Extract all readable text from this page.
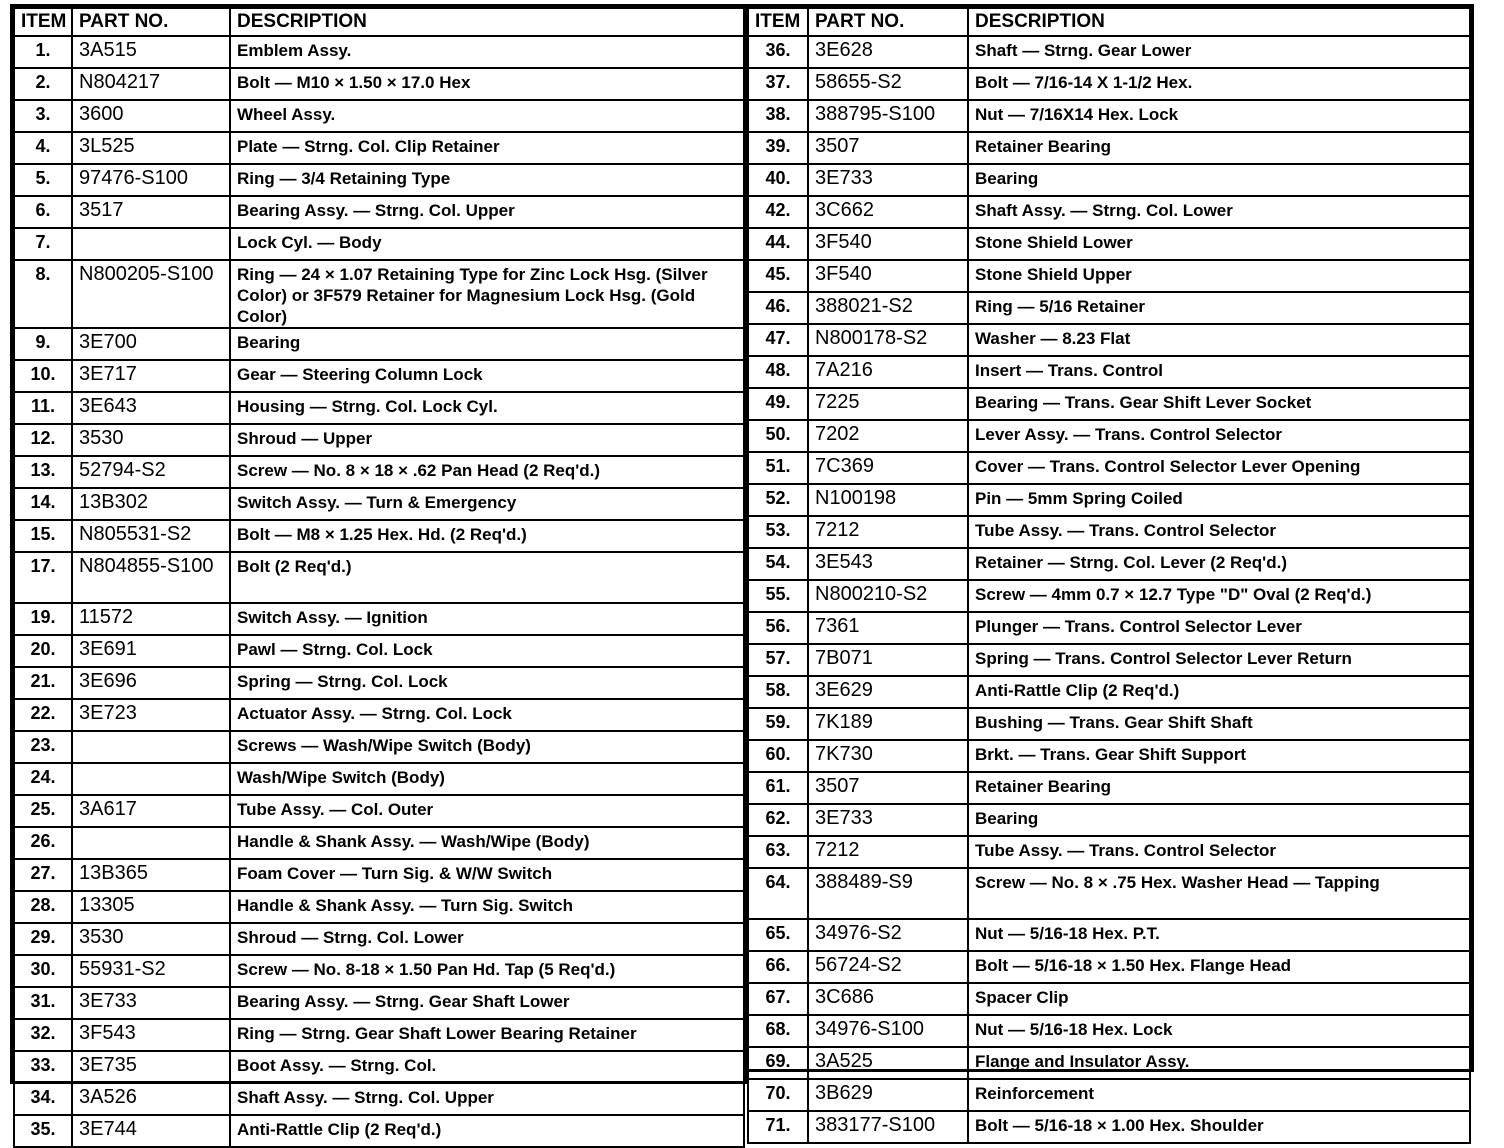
ITEM	PART NO.	DESCRIPTION
1.	3A515	Emblem Assy.
2.	N804217	Bolt — M10 × 1.50 × 17.0 Hex
3.	3600	Wheel Assy.
4.	3L525	Plate — Strng. Col. Clip Retainer
5.	97476-S100	Ring — 3/4 Retaining Type
6.	3517	Bearing Assy. — Strng. Col. Upper
7.		Lock Cyl. — Body
8.	N800205-S100	Ring — 24 × 1.07 Retaining Type for Zinc Lock Hsg. (Silver Color) or 3F579 Retainer for Magnesium Lock Hsg. (Gold Color)
9.	3E700	Bearing
10.	3E717	Gear — Steering Column Lock
11.	3E643	Housing — Strng. Col. Lock Cyl.
12.	3530	Shroud — Upper
13.	52794-S2	Screw — No. 8 × 18 × .62 Pan Head (2 Req'd.)
14.	13B302	Switch Assy. — Turn & Emergency
15.	N805531-S2	Bolt — M8 × 1.25 Hex. Hd. (2 Req'd.)
17.	N804855-S100	Bolt (2 Req'd.)
19.	11572	Switch Assy. — Ignition
20.	3E691	Pawl — Strng. Col. Lock
21.	3E696	Spring — Strng. Col. Lock
22.	3E723	Actuator Assy. — Strng. Col. Lock
23.		Screws — Wash/Wipe Switch (Body)
24.		Wash/Wipe Switch (Body)
25.	3A617	Tube Assy. — Col. Outer
26.		Handle & Shank Assy. — Wash/Wipe (Body)
27.	13B365	Foam Cover — Turn Sig. & W/W Switch
28.	13305	Handle & Shank Assy. — Turn Sig. Switch
29.	3530	Shroud — Strng. Col. Lower
30.	55931-S2	Screw — No. 8-18 × 1.50 Pan Hd. Tap (5 Req'd.)
31.	3E733	Bearing Assy. — Strng. Gear Shaft Lower
32.	3F543	Ring — Strng. Gear Shaft Lower Bearing Retainer
33.	3E735	Boot Assy. — Strng. Col.
34.	3A526	Shaft Assy. — Strng. Col. Upper
35.	3E744	Anti-Rattle Clip (2 Req'd.)
ITEM	PART NO.	DESCRIPTION
36.	3E628	Shaft — Strng. Gear Lower
37.	58655-S2	Bolt — 7/16-14 X 1-1/2 Hex.
38.	388795-S100	Nut — 7/16X14 Hex. Lock
39.	3507	Retainer Bearing
40.	3E733	Bearing
42.	3C662	Shaft Assy. — Strng. Col. Lower
44.	3F540	Stone Shield Lower
45.	3F540	Stone Shield Upper
46.	388021-S2	Ring — 5/16 Retainer
47.	N800178-S2	Washer — 8.23 Flat
48.	7A216	Insert — Trans. Control
49.	7225	Bearing — Trans. Gear Shift Lever Socket
50.	7202	Lever Assy. — Trans. Control Selector
51.	7C369	Cover — Trans. Control Selector Lever Opening
52.	N100198	Pin — 5mm Spring Coiled
53.	7212	Tube Assy. — Trans. Control Selector
54.	3E543	Retainer — Strng. Col. Lever (2 Req'd.)
55.	N800210-S2	Screw — 4mm 0.7 × 12.7 Type "D" Oval (2 Req'd.)
56.	7361	Plunger — Trans. Control Selector Lever
57.	7B071	Spring — Trans. Control Selector Lever Return
58.	3E629	Anti-Rattle Clip (2 Req'd.)
59.	7K189	Bushing — Trans. Gear Shift Shaft
60.	7K730	Brkt. — Trans. Gear Shift Support
61.	3507	Retainer Bearing
62.	3E733	Bearing
63.	7212	Tube Assy. — Trans. Control Selector
64.	388489-S9	Screw — No. 8 × .75 Hex. Washer Head — Tapping
65.	34976-S2	Nut — 5/16-18 Hex. P.T.
66.	56724-S2	Bolt — 5/16-18 × 1.50 Hex. Flange Head
67.	3C686	Spacer Clip
68.	34976-S100	Nut — 5/16-18 Hex. Lock
69.	3A525	Flange and Insulator Assy.
70.	3B629	Reinforcement
71.	383177-S100	Bolt — 5/16-18 × 1.00 Hex. Shoulder
